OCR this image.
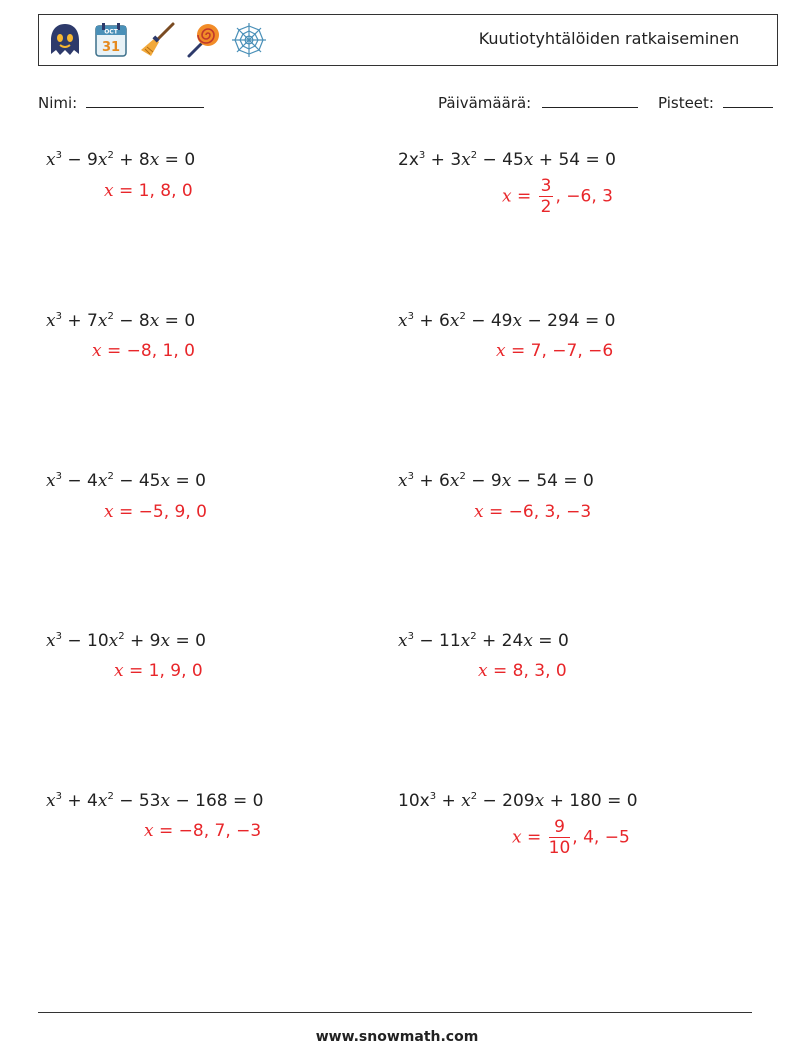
OCT
31	Kuutiotyhtälöiden ratkaiseminen
Nimi:	Päivämäärä:	Pisteet:
$x^3 - 9x^2 + 8x = 0$
x = 1, 8, 0
$x^3 + 7x^2 - 8x = 0$
x = −8, 1, 0
$x^3 - 4x^2 - 45x = 0$
x = −5, 9, 0
$x^3 - 10x^2 + 9x = 0$
x = 1, 9, 0
$x^3 + 4x^2 - 53x - 168 = 0$
x = −8, 7, −3
$2x^3 + 3x^2 - 45x + 54 = 0$
$x = \frac{3}{2}$ , −6, 3
$x^3 + 6x^2 - 49x - 294 = 0$
x = 7, −7, −6
$x^3 + 6x^2 - 9x - 54 = 0$
x = −6, 3, −3
$x^3 - 11x^2 + 24x = 0$
x = 8, 3, 0
$10x^3 + x^2 - 209x + 180 = 0$
$x = \frac{9}{10}$ , 4, −5
www.snowmath.com
